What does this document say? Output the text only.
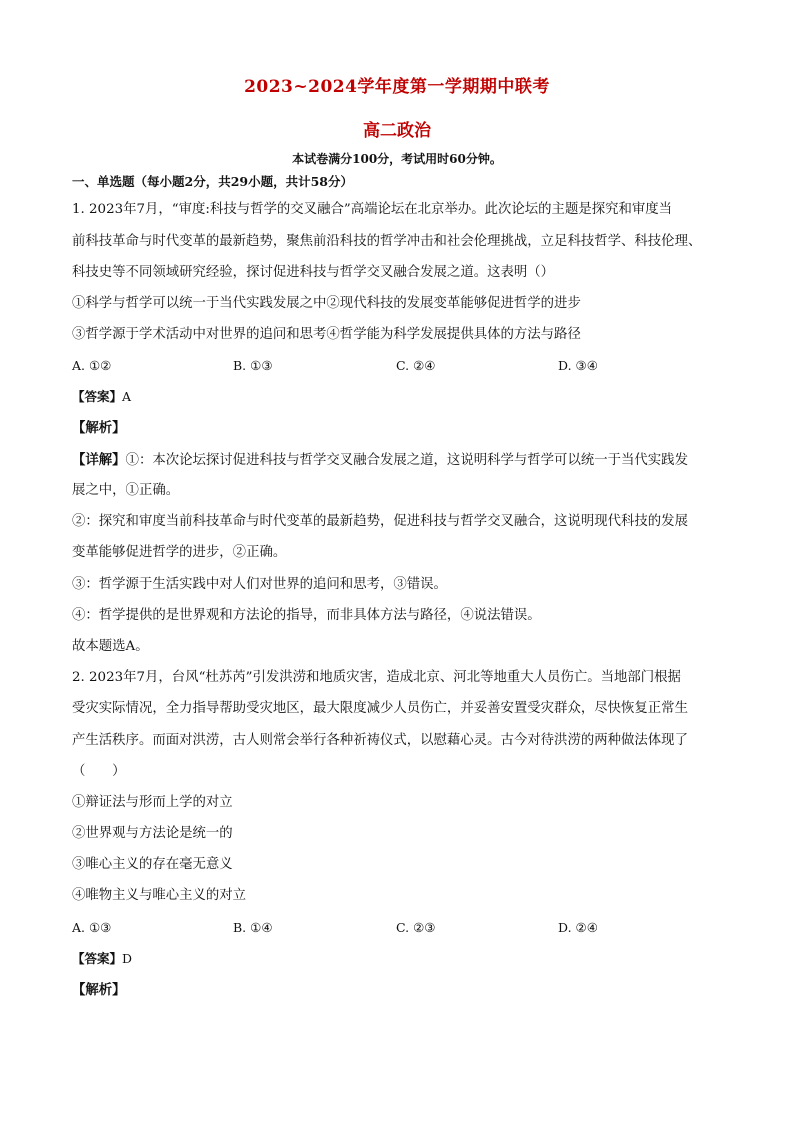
2023~2024学年度第一学期期中联考
高二政治
本试卷满分100分，考试用时60分钟。
一、单选题（每小题2分，共29小题，共计58分）
1. 2023年7月，“审度:科技与哲学的交叉融合”高端论坛在北京举办。此次论坛的主题是探究和审度当
前科技革命与时代变革的最新趋势，聚焦前沿科技的哲学冲击和社会伦理挑战，立足科技哲学、科技伦理、
科技史等不同领域研究经验，探讨促进科技与哲学交叉融合发展之道。这表明（）
①科学与哲学可以统一于当代实践发展之中②现代科技的发展变革能够促进哲学的进步
③哲学源于学术活动中对世界的追问和思考④哲学能为科学发展提供具体的方法与路径
A. ①②	B. ①③	C. ②④	D. ③④
【答案】A
【解析】
【详解】①：本次论坛探讨促进科技与哲学交叉融合发展之道，这说明科学与哲学可以统一于当代实践发
展之中，①正确。
②：探究和审度当前科技革命与时代变革的最新趋势，促进科技与哲学交叉融合，这说明现代科技的发展
变革能够促进哲学的进步，②正确。
③：哲学源于生活实践中对人们对世界的追问和思考，③错误。
④：哲学提供的是世界观和方法论的指导，而非具体方法与路径，④说法错误。
故本题选A。
2. 2023年7月，台风“杜苏芮”引发洪涝和地质灾害，造成北京、河北等地重大人员伤亡。当地部门根据
受灾实际情况，全力指导帮助受灾地区，最大限度减少人员伤亡，并妥善安置受灾群众，尽快恢复正常生
产生活秩序。而面对洪涝，古人则常会举行各种祈祷仪式，以慰藉心灵。古今对待洪涝的两种做法体现了
（　　）
①辩证法与形而上学的对立
②世界观与方法论是统一的
③唯心主义的存在毫无意义
④唯物主义与唯心主义的对立
A. ①③	B. ①④	C. ②③	D. ②④
【答案】D
【解析】
